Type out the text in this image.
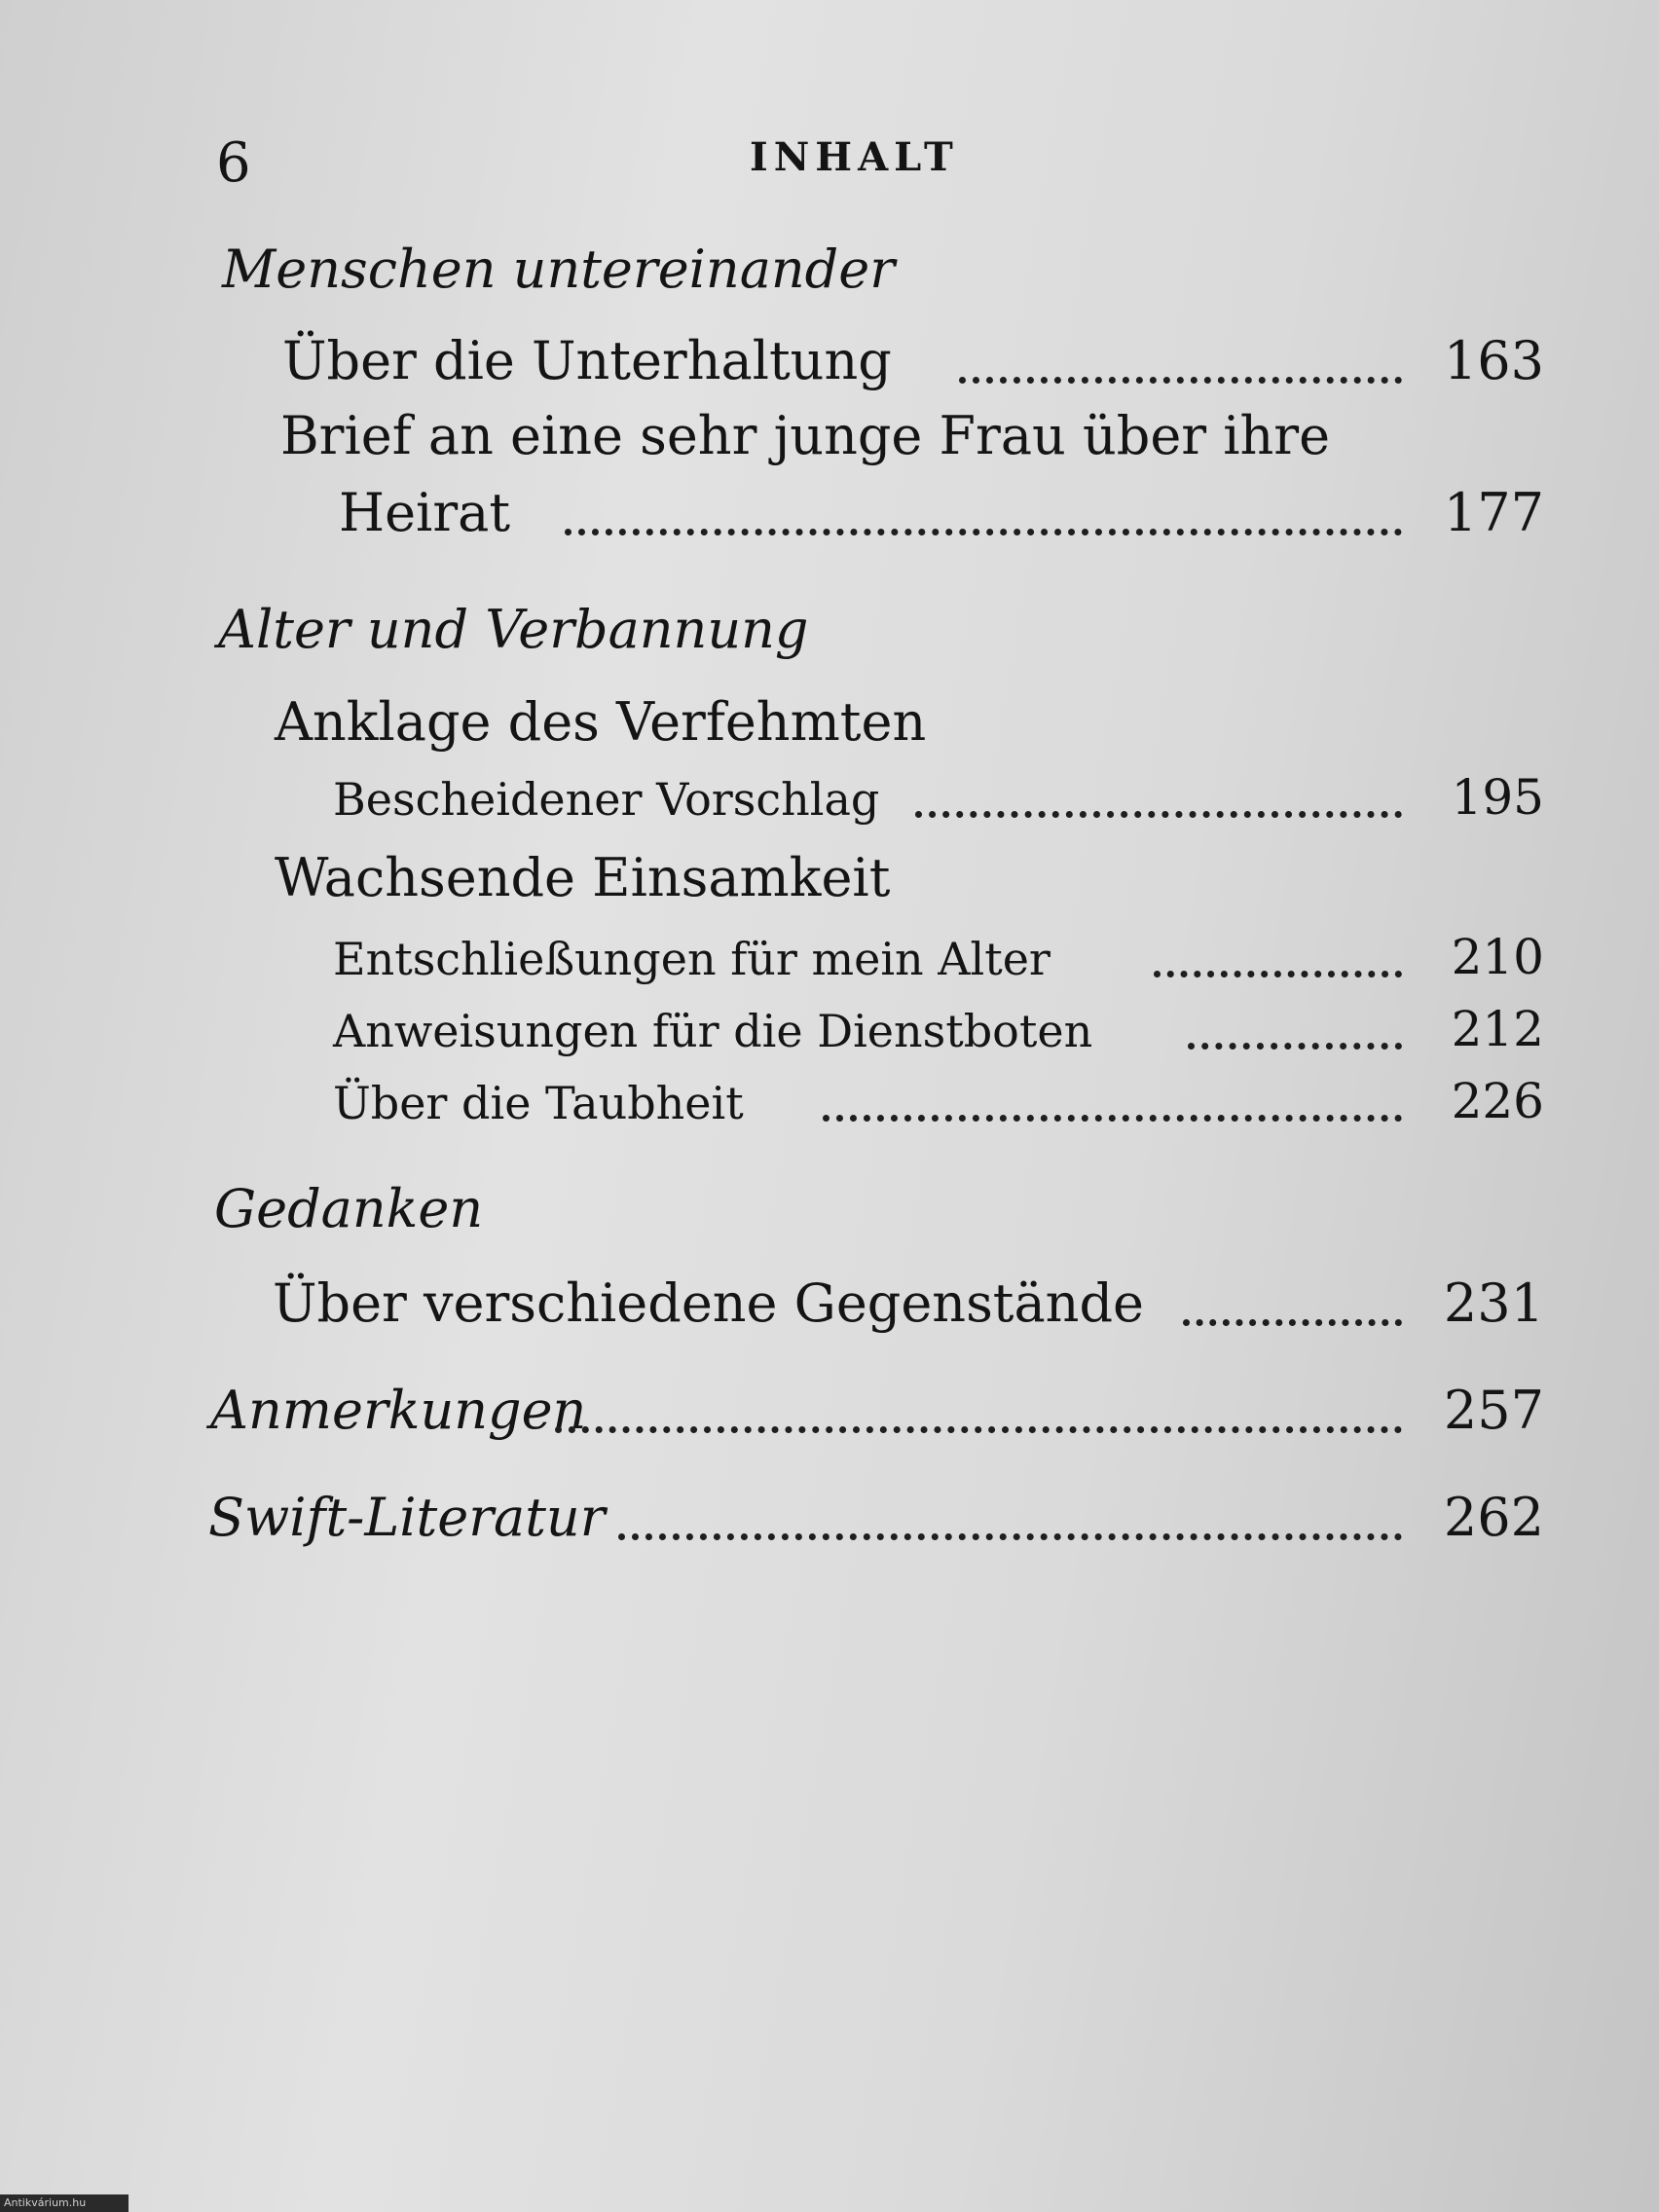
6	INHALT
Menschen untereinander
Über die Unterhaltung	163
Brief an eine sehr junge Frau über ihre
Heirat	177
Alter und Verbannung
Anklage des Verfehmten
Bescheidener Vorschlag	195
Wachsende Einsamkeit
Entschließungen für mein Alter	210
Anweisungen für die Dienstboten	212
Über die Taubheit	226
Gedanken
Über verschiedene Gegenstände	231
Anmerkungen	257
Swift-Literatur	262
Antikvárium.hu
